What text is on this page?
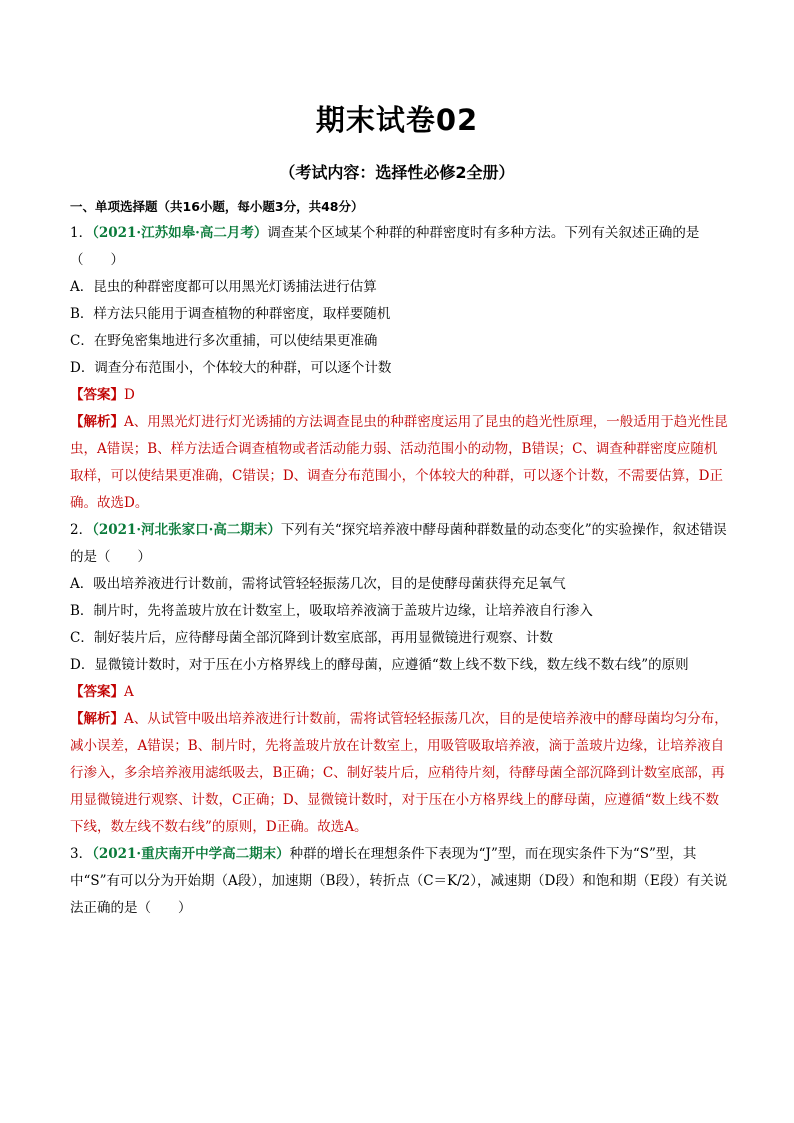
期末试卷02
（考试内容：选择性必修2全册）
一、单项选择题（共16小题，每小题3分，共48分）
1．（2021·江苏如皋·高二月考）调查某个区域某个种群的种群密度时有多种方法。下列有关叙述正确的是（　　）
A．昆虫的种群密度都可以用黑光灯诱捕法进行估算
B．样方法只能用于调查植物的种群密度，取样要随机
C．在野兔密集地进行多次重捕，可以使结果更准确
D．调查分布范围小，个体较大的种群，可以逐个计数
【答案】D
【解析】A、用黑光灯进行灯光诱捕的方法调查昆虫的种群密度运用了昆虫的趋光性原理，一般适用于趋光性昆虫，A错误；B、样方法适合调查植物或者活动能力弱、活动范围小的动物，B错误；C、调查种群密度应随机取样，可以使结果更准确，C错误；D、调查分布范围小，个体较大的种群，可以逐个计数，不需要估算，D正确。故选D。
2．（2021·河北张家口·高二期末）下列有关“探究培养液中酵母菌种群数量的动态变化”的实验操作，叙述错误的是（　　）
A．吸出培养液进行计数前，需将试管轻轻振荡几次，目的是使酵母菌获得充足氧气
B．制片时，先将盖玻片放在计数室上，吸取培养液滴于盖玻片边缘，让培养液自行渗入
C．制好装片后，应待酵母菌全部沉降到计数室底部，再用显微镜进行观察、计数
D．显微镜计数时，对于压在小方格界线上的酵母菌，应遵循“数上线不数下线，数左线不数右线”的原则
【答案】A
【解析】A、从试管中吸出培养液进行计数前，需将试管轻轻振荡几次，目的是使培养液中的酵母菌均匀分布，减小误差，A错误；B、制片时，先将盖玻片放在计数室上，用吸管吸取培养液，滴于盖玻片边缘，让培养液自行渗入，多余培养液用滤纸吸去，B正确；C、制好装片后，应稍待片刻，待酵母菌全部沉降到计数室底部，再用显微镜进行观察、计数，C正确；D、显微镜计数时，对于压在小方格界线上的酵母菌，应遵循“数上线不数下线，数左线不数右线”的原则，D正确。故选A。
3．（2021·重庆南开中学高二期末）种群的增长在理想条件下表现为“J”型，而在现实条件下为“S”型，其中“S”有可以分为开始期（A段），加速期（B段），转折点（C＝K/2），减速期（D段）和饱和期（E段）有关说法正确的是（　　）
